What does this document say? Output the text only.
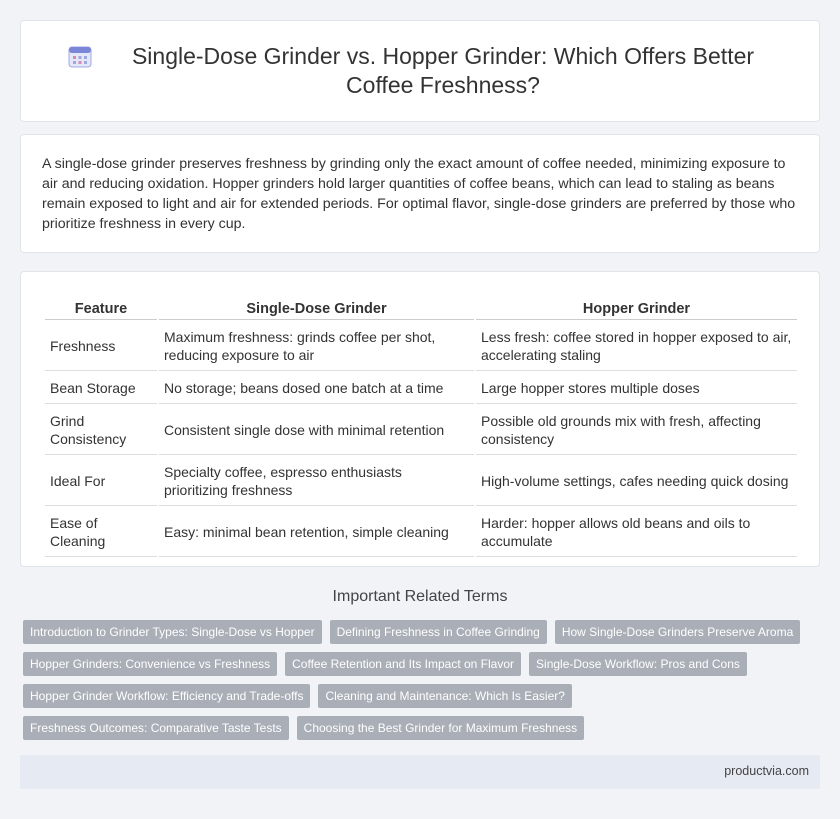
Single-Dose Grinder vs. Hopper Grinder: Which Offers Better Coffee Freshness?

A single-dose grinder preserves freshness by grinding only the exact amount of coffee needed, minimizing exposure to air and reducing oxidation. Hopper grinders hold larger quantities of coffee beans, which can lead to staling as beans remain exposed to light and air for extended periods. For optimal flavor, single-dose grinders are preferred by those who prioritize freshness in every cup.

Feature	Single-Dose Grinder	Hopper Grinder
Freshness	Maximum freshness: grinds coffee per shot, reducing exposure to air	Less fresh: coffee stored in hopper exposed to air, accelerating staling
Bean Storage	No storage; beans dosed one batch at a time	Large hopper stores multiple doses
Grind Consistency	Consistent single dose with minimal retention	Possible old grounds mix with fresh, affecting consistency
Ideal For	Specialty coffee, espresso enthusiasts prioritizing freshness	High-volume settings, cafes needing quick dosing
Ease of Cleaning	Easy: minimal bean retention, simple cleaning	Harder: hopper allows old beans and oils to accumulate
Important Related Terms
Introduction to Grinder Types: Single-Dose vs Hopper	Defining Freshness in Coffee Grinding	How Single-Dose Grinders Preserve Aroma
Hopper Grinders: Convenience vs Freshness	Coffee Retention and Its Impact on Flavor	Single-Dose Workflow: Pros and Cons
Hopper Grinder Workflow: Efficiency and Trade-offs	Cleaning and Maintenance: Which Is Easier?
Freshness Outcomes: Comparative Taste Tests	Choosing the Best Grinder for Maximum Freshness
productvia.com
